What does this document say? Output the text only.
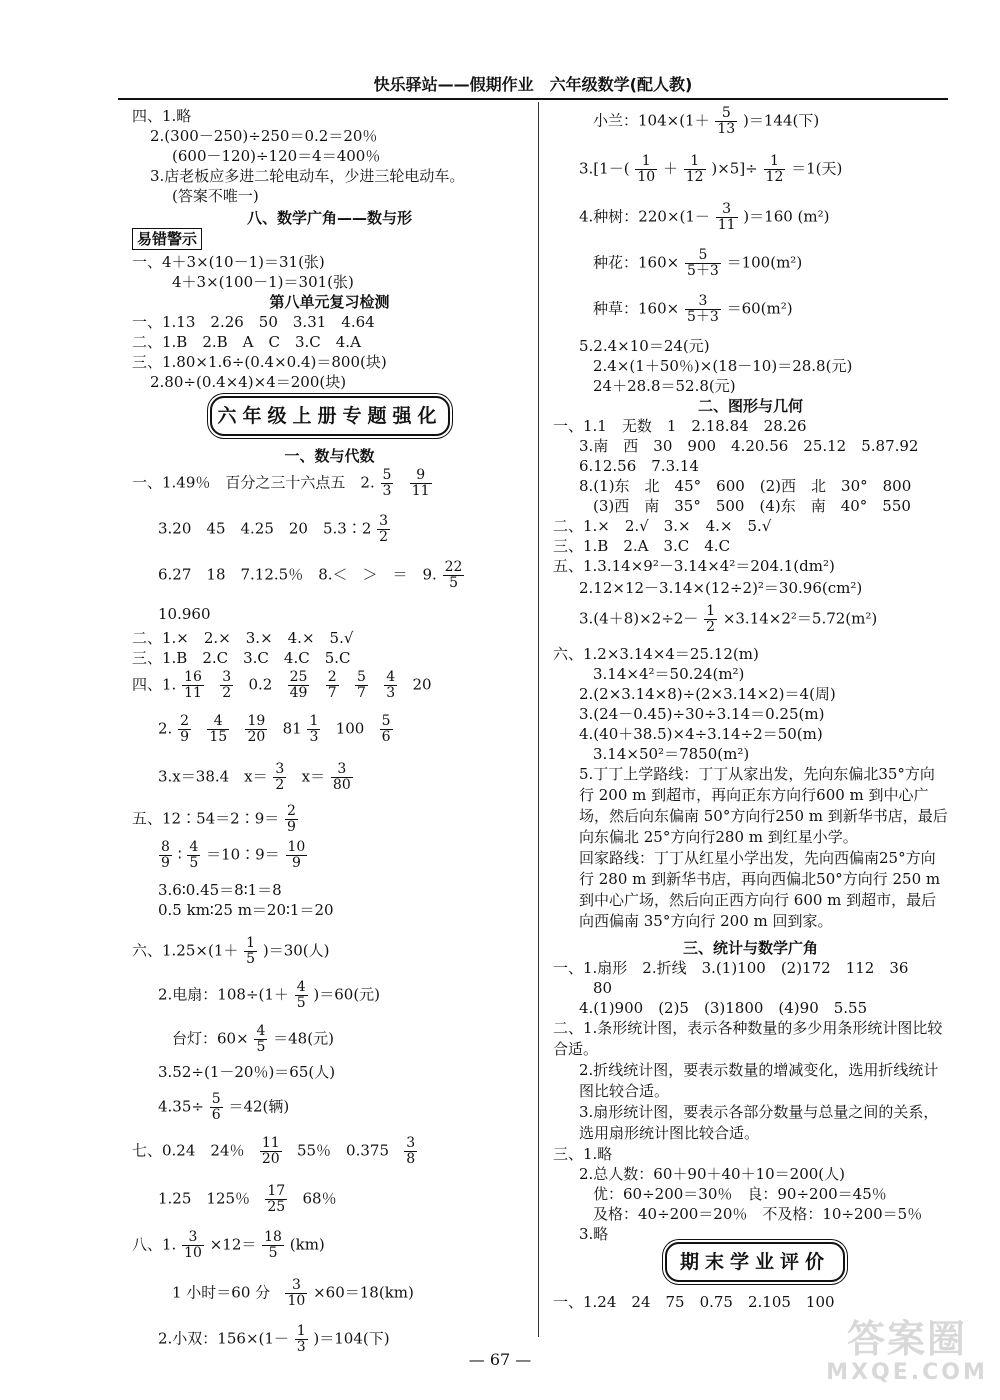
快乐驿站——假期作业　六年级数学(配人教)
四、1.略
2.(300－250)÷250＝0.2＝20％
(600－120)÷120＝4＝400％
3.店老板应多进二轮电动车，少进三轮电动车。
(答案不唯一)
八、数学广角——数与形
易错警示
一、4＋3×(10－1)＝31(张)
4＋3×(100－1)＝301(张)
第八单元复习检测
一、1.13　2.26　50　3.31　4.64
二、1.B　2.B　A　C　3.C　4.A
三、1.80×1.6÷(0.4×0.4)＝800(块)
2.80÷(0.4×4)×4＝200(块)
六年级上册专题强化
一、数与代数
一、1.49％　百分之三十六点五　2. $\frac{5}{3}$
$\frac{9}{11}$
3.20　45　4.25　20　5.3∶2 $\frac{3}{2}$
6.27　18　7.12.5％　8.＜　＞　＝　9. $\frac{22}{5}$
10.960
二、1.×　2.×　3.×　4.×　5.√
三、1.B　2.C　3.C　4.C　5.C
四、1. $\frac{16}{11}$
$\frac{3}{2} 0.2 \frac{25}{49}$
$\frac{2}{7}$
$\frac{5}{7}$
$\frac{4}{3} 20$
2. $\frac{2}{9}$
$\frac{4}{15}$
$\frac{19}{20} 81 \frac{1}{3} 100 \frac{5}{6}$
3.x＝38.4　$x= \frac{3}{2} x= \frac{3}{80}$
五、12∶54＝2∶9＝ $\frac{2}{9}$
$\frac{8}{9}$ ∶ $\frac{4}{5}$ ＝10∶9＝ $\frac{10}{9}$
3.6∶0.45＝8∶1＝8
0.5 km∶25 m＝20∶1＝20
六、$1.25\times(1+ \frac{1}{5} )=30$(人)
2.电扇：$108\div(1+ \frac{4}{5} )=60$(元)
台灯：$60\times \frac{4}{5} =48$(元)
3.52÷(1－20％)＝65(人)
$4.35\div \frac{5}{6} =42$(辆)
七、0.24　24％ $\frac{11}{20} 55$％　$0.375 \frac{3}{8}$
1.25　125％ $\frac{17}{25} 68$％
八、1. $\frac{3}{10} \times 12= \frac{18}{5} (km)$
1 小时＝60 分 $\frac{3}{10} \times 60=18(km)$
2.小双：$156\times(1- \frac{1}{3} )=104$(下)
小兰：$104\times(1+ \frac{5}{13} )=144$(下)
$3.[1-( \frac{1}{10} + \frac{1}{12} )\times 5]\div \frac{1}{12} =1$(天)
4.种树：$220\times(1- \frac{3}{11} )=160$ (m²)
种花：$160\times \frac{5}{5+3} =100(m^2)$
种草：$160\times \frac{3}{5+3} =60(m^2)$
5.2.4×10＝24(元)
2.4×(1＋50％)×(18－10)＝28.8(元)
24＋28.8＝52.8(元)
二、图形与几何
一、1.1　无数　1　2.18.84　28.26
3.南　西　30　900　4.20.56　25.12　5.87.92
6.12.56　7.3.14
8.(1)东　北　45°　600　(2)西　北　30°　800
(3)西　南　35°　500　(4)东　南　40°　550
二、1.×　2.√　3.×　4.×　5.√
三、1.B　2.A　3.C　4.C
五、1.3.14×9²－3.14×4²＝204.1(dm²)
2.12×12－3.14×(12÷2)²＝30.96(cm²)
$3.(4+8)\times 2\div 2- \frac{1}{2} \times 3.14\times 2^2=5.72(m^2)$
六、1.2×3.14×4＝25.12(m)
3.14×4²＝50.24(m²)
2.(2×3.14×8)÷(2×3.14×2)＝4(周)
3.(24－0.45)÷30÷3.14＝0.25(m)
4.(40＋38.5)×4÷3.14÷2＝50(m)
3.14×50²＝7850(m²)
5.丁丁上学路线：丁丁从家出发，先向东偏北35°方向行 200 m 到超市，再向正东方向行600 m 到中心广场，然后向东偏南 50°方向行250 m 到新华书店，最后向东偏北 25°方向行280 m 到红星小学。
回家路线：丁丁从红星小学出发，先向西偏南25°方向行 280 m 到新华书店，再向西偏北50°方向行 250 m 到中心广场，然后向正西方向行 600 m 到超市，最后向西偏南 35°方向行 200 m 回到家。
三、统计与数学广角
一、1.扇形　2.折线　3.(1)100　(2)172　112　36
80
4.(1)900　(2)5　(3)1800　(4)90　5.55
二、1.条形统计图，表示各种数量的多少用条形统计图比较合适。
2.折线统计图，要表示数量的增减变化，选用折线统计图比较合适。
3.扇形统计图，要表示各部分数量与总量之间的关系，选用扇形统计图比较合适。
三、1.略
2.总人数：60＋90＋40＋10＝200(人)
优：60÷200＝30％　良：90÷200＝45％
及格：40÷200＝20％　不及格：10÷200＝5％
3.略
期末学业评价
一、1.24　24　75　0.75　2.105　100
— 67 —	答案圈
MXQE.COM
